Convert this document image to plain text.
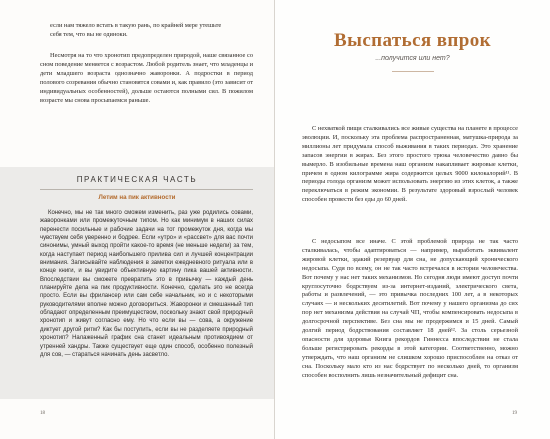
если нам тяжело встать в такую рань, по крайней мере утешьте
себя тем, что вы не одиноки.

Несмотря на то что хронотип предопределен природой, наше связанное со сном поведение меняется с возрастом. Любой родитель знает, что младенцы и дети младшего возраста однозначно жаворонки. А подростки в период полового созревания обычно становятся совами и, как правило (это зависит от индивидуальных особенностей), дольше остаются полными сил. В пожилом возрасте мы снова просыпаемся раньше.

ПРАКТИЧЕСКАЯ ЧАСТЬ
Летим на пик активности

Конечно, мы не так много сможем изменить, раз уже родились совами, жаворонками или промежуточным типом. Но как минимум в наших силах перенести посильные и рабочие задачи на тот промежуток дня, когда мы чувствуем себя уверенно и бодрее. Если «утро» и «рассвет» для вас почти синонимы, умный выход пройти какое-то время (не меньше недели) за тем, когда наступает период наибольшего прилива сил и лучшей концентрации внимания. Записывайте наблюдения в заметки ежедневного ритуала или в конце книги, и вы увидите объективную картину пика вашей активности. Впоследствии вы сможете превратить это в привычку — каждый день планируйте дела на пик продуктивности. Конечно, сделать это не всегда просто. Если вы фрилансер или сам себе начальник, но и с некоторыми руководителями вполне можно договориться. Жаворонки и смешанный тип обладают определенным преимуществом, поскольку знают свой природный хронотип и живут согласно ему. Но что если вы — сова, а окружение диктует другой ритм? Как бы поступить, если вы не разделяете природный хронотип? Налаженный график сна станет идеальным противоядием от утренней хандры. Также существует еще один способ, особенно полезный для сов, — стараться начинать день засветло.

18
Выспаться впрок
...получится или нет?

С нехваткой пищи сталкивались все живые существа на планете в процессе эволюции. И, поскольку эта проблема распространенная, матушка-природа за миллионы лет придумала способ выживания в таких периодах. Это хранение запасов энергии в жирах. Без этого простого трюка человечество давно бы вымерло. В изобильные времена наш организм накапливает жировые клетки, причем в одном килограмме жира содержится целых 9000 килокалорий¹¹. В периоды голода организм может использовать энергию из этих клеток, а также переключаться в режим экономии. В результате здоровый взрослый человек способен провести без еды до 60 дней.

С недосыпом все иначе. С этой проблемой природа не так часто сталкивалась, чтобы адаптироваться — например, выработать эквивалент жировой клетки, эдакий резервуар для сна, не допускающий хронического недосыпа. Судя по всему, он не так часто встречался в истории человечества. Вот почему у нас нет таких механизмов. Но сегодня люди имеют доступ почти круглосуточно бодрствуем из-за интернет-изданий, электрического света, работы и развлечений, — это привычка последних 100 лет, а в некоторых случаях — и нескольких десятилетий. Вот почему у нашего организма до сих пор нет механизма действия на случай ЧП, чтобы компенсировать недосыпа в долгосрочной перспективе. Без сна мы не продержимся и 15 дней. Самый долгий период бодрствования составляет 18 дней¹². За столь серьезной опасности для здоровья Книга рекордов Гиннесса впоследствии не стала больше регистрировать рекорды в этой категории. Соответственно, можно утверждать, что наш организм не слишком хорошо приспособлен на отказ от сна. Поскольку мало кто из нас бодрствует по несколько дней, то организм способен восполнить лишь незначительный дефицит сна.

19
